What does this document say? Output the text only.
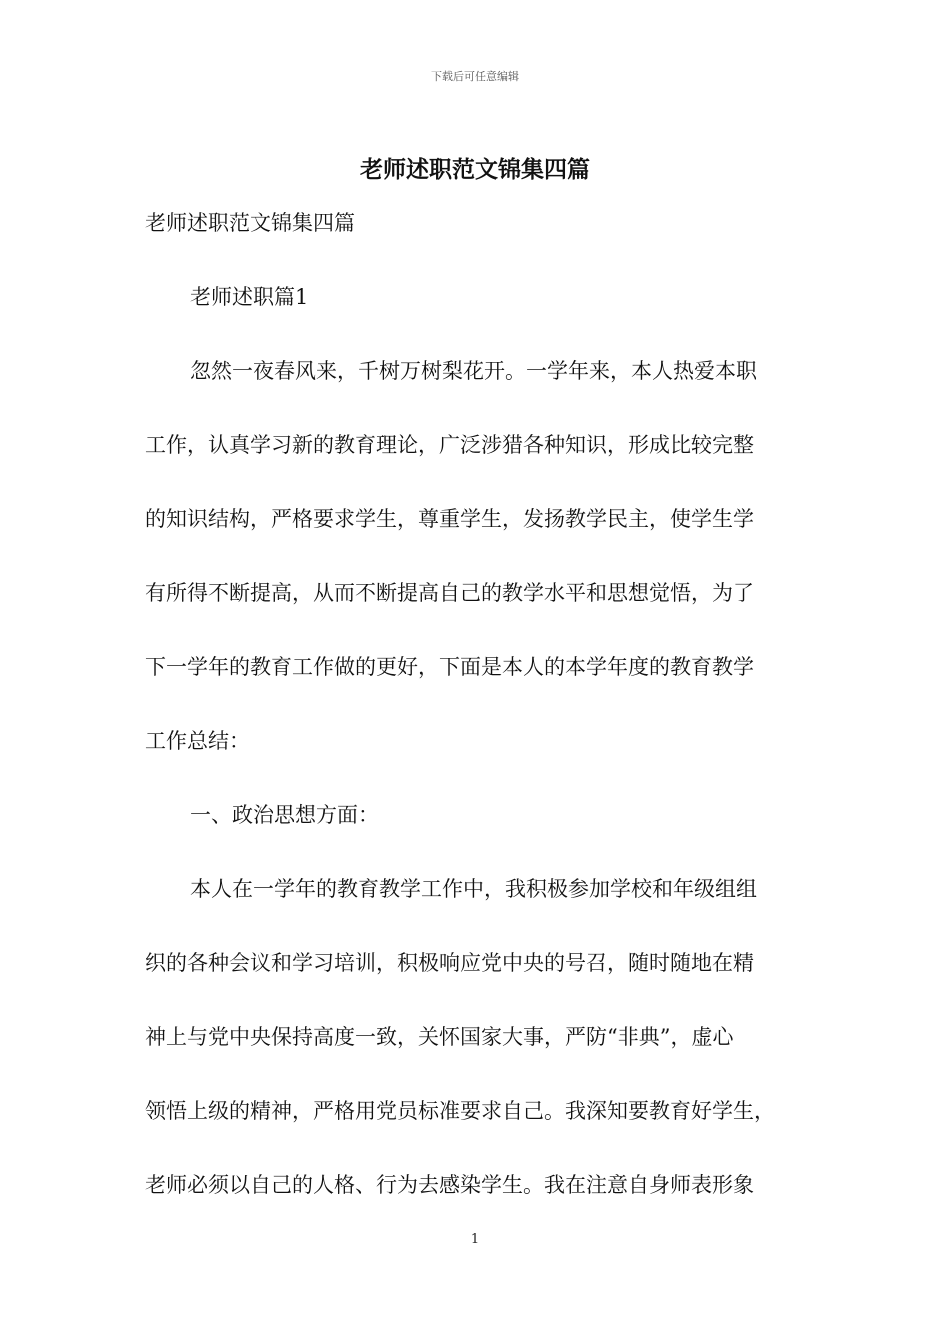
下载后可任意编辑
老师述职范文锦集四篇
老师述职范文锦集四篇
老师述职篇1
忽然一夜春风来，千树万树梨花开。一学年来，本人热爱本职
工作，认真学习新的教育理论，广泛涉猎各种知识，形成比较完整
的知识结构，严格要求学生，尊重学生，发扬教学民主，使学生学
有所得不断提高，从而不断提高自己的教学水平和思想觉悟，为了
下一学年的教育工作做的更好，下面是本人的本学年度的教育教学
工作总结：
一、政治思想方面：
本人在一学年的教育教学工作中，我积极参加学校和年级组组
织的各种会议和学习培训，积极响应党中央的号召，随时随地在精
神上与党中央保持高度一致，关怀国家大事，严防“非典”，虚心
领悟上级的精神，严格用党员标准要求自己。我深知要教育好学生，
老师必须以自己的人格、行为去感染学生。我在注意自身师表形象
1
